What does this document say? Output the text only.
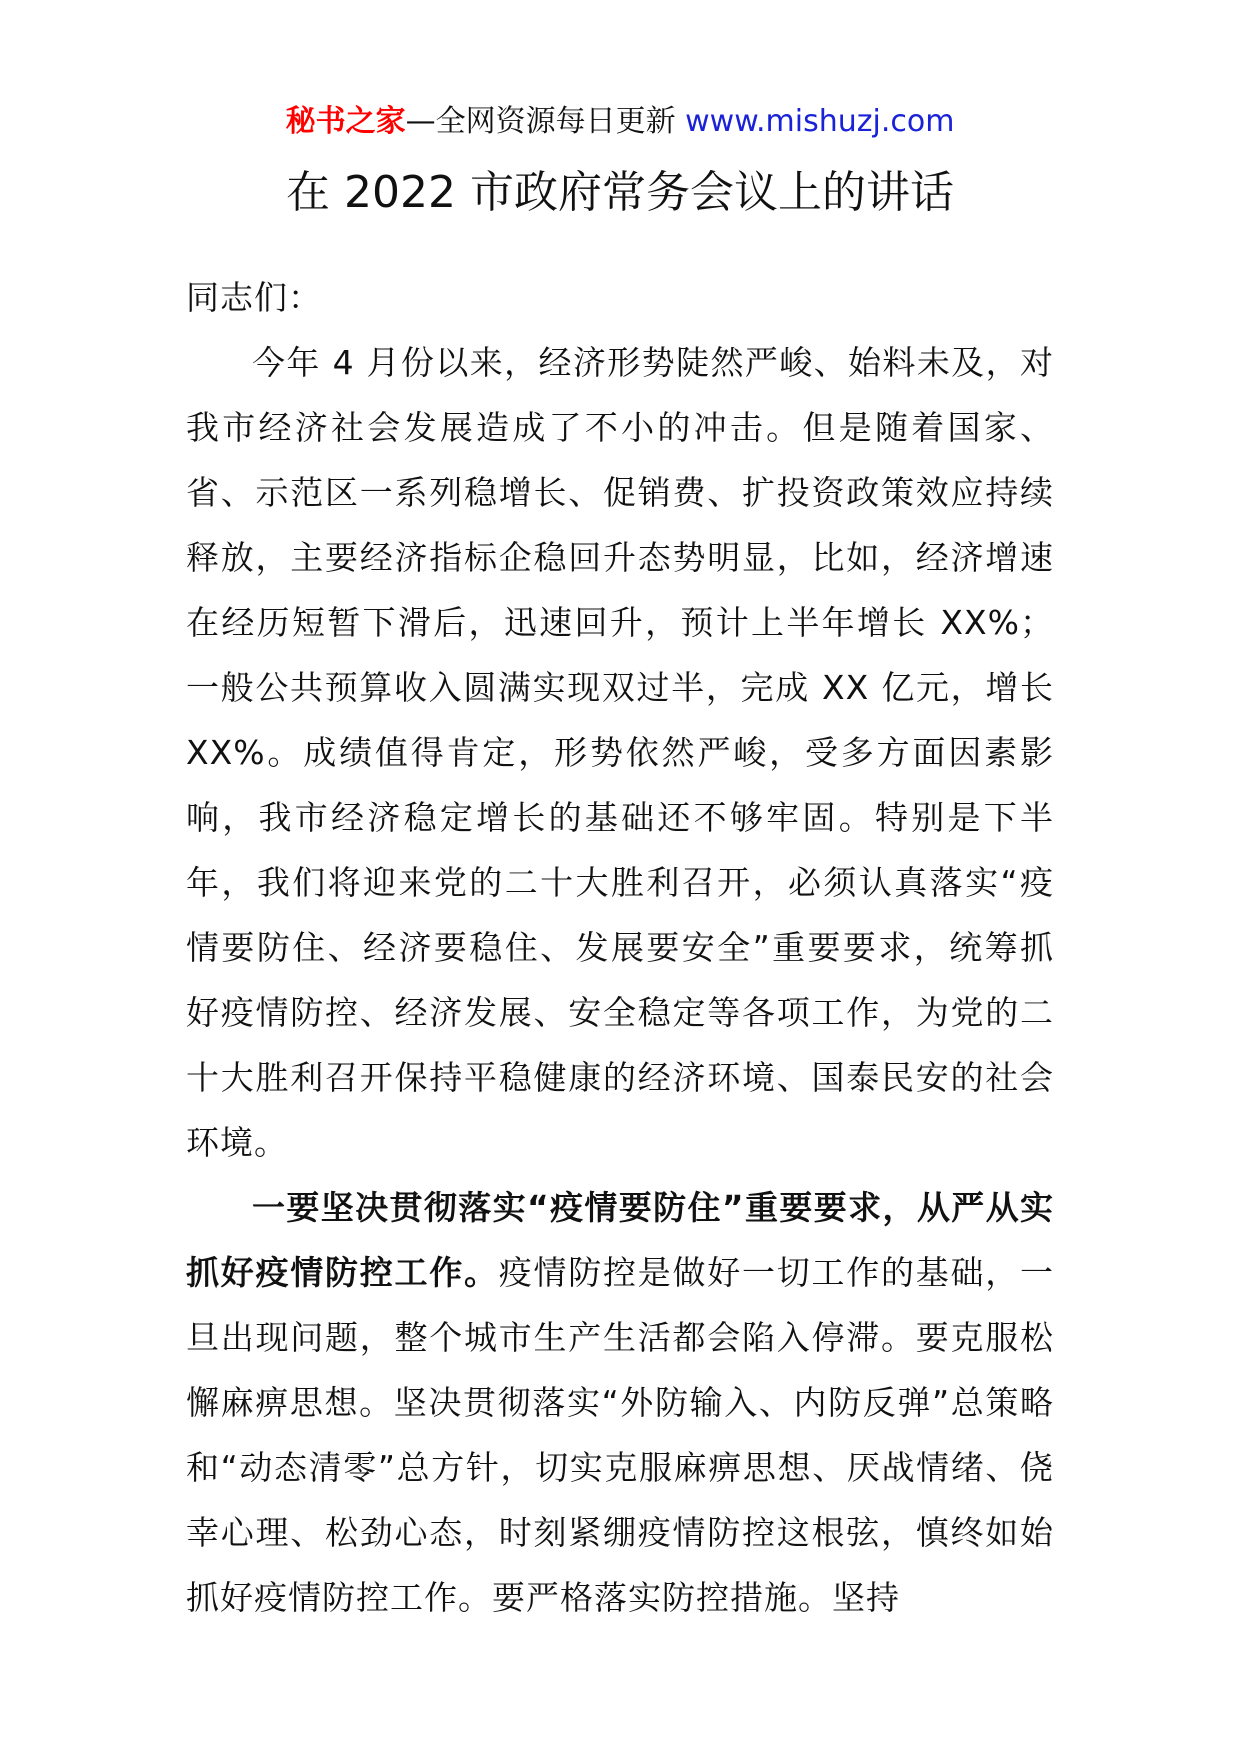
秘书之家—全网资源每日更新 www.mishuzj.com
在 2022 市政府常务会议上的讲话

同志们：

今年 4 月份以来，经济形势陡然严峻、始料未及，对我市经济社会发展造成了不小的冲击。但是随着国家、省、示范区一系列稳增长、促销费、扩投资政策效应持续释放，主要经济指标企稳回升态势明显，比如，经济增速在经历短暂下滑后，迅速回升，预计上半年增长 XX%；一般公共预算收入圆满实现双过半，完成 XX 亿元，增长 XX%。成绩值得肯定，形势依然严峻，受多方面因素影响，我市经济稳定增长的基础还不够牢固。特别是下半年，我们将迎来党的二十大胜利召开，必须认真落实“疫情要防住、经济要稳住、发展要安全”重要要求，统筹抓好疫情防控、经济发展、安全稳定等各项工作，为党的二十大胜利召开保持平稳健康的经济环境、国泰民安的社会环境。

一要坚决贯彻落实“疫情要防住”重要要求，从严从实抓好疫情防控工作。疫情防控是做好一切工作的基础，一旦出现问题，整个城市生产生活都会陷入停滞。要克服松懈麻痹思想。坚决贯彻落实“外防输入、内防反弹”总策略和“动态清零”总方针，切实克服麻痹思想、厌战情绪、侥幸心理、松劲心态，时刻紧绷疫情防控这根弦，慎终如始抓好疫情防控工作。要严格落实防控措施。坚持
